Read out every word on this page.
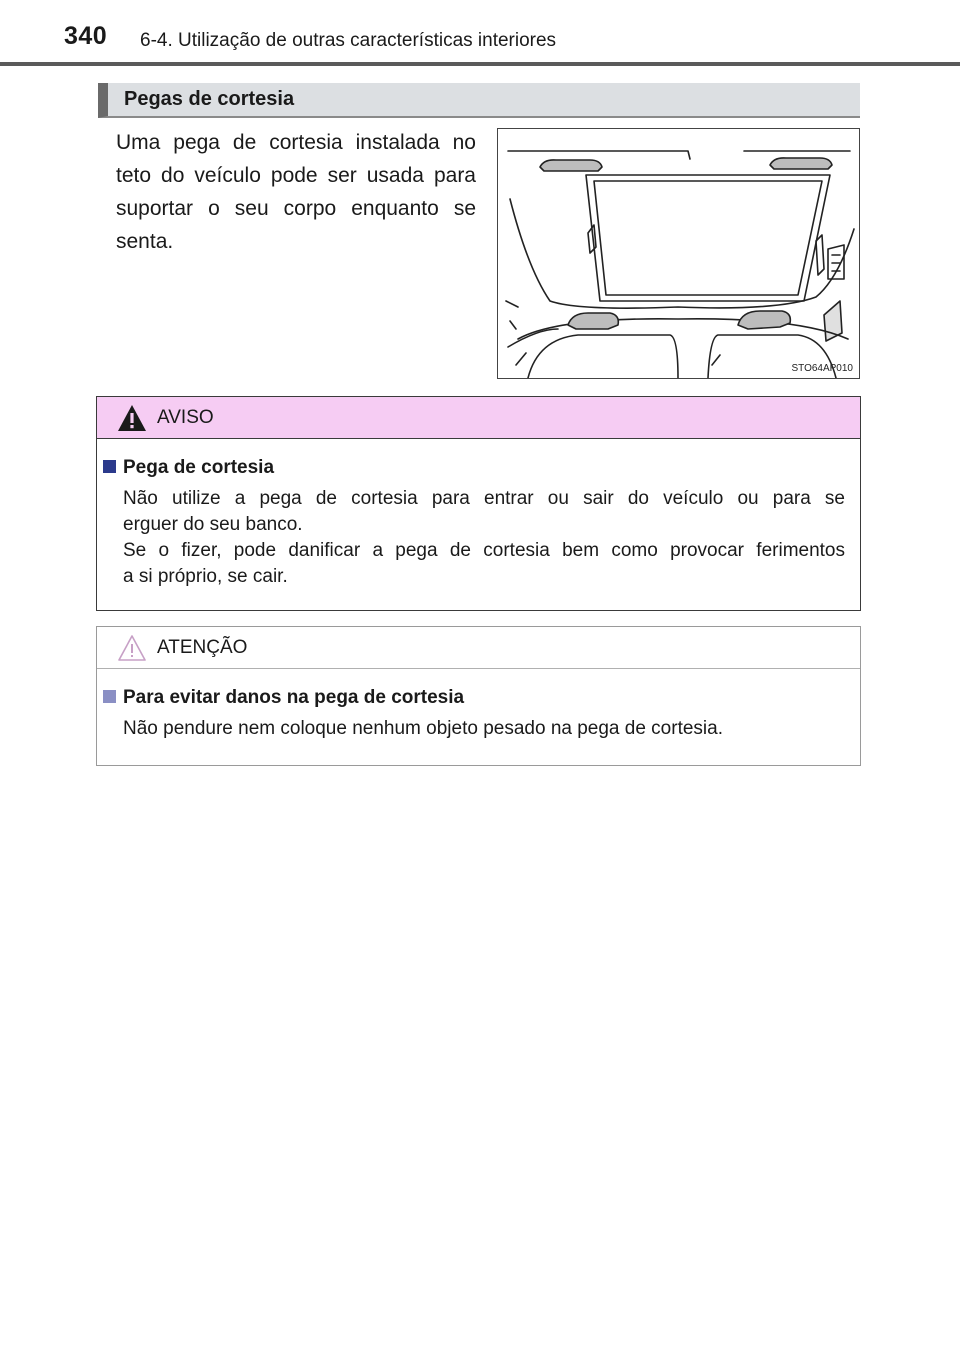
340 6-4. Utilização de outras características interiores
Pegas de cortesia
Uma pega de cortesia instalada no teto do veículo pode ser usada para suportar o seu corpo enquanto se senta.
STO64AP010
AVISO
Pega de cortesia
Não utilize a pega de cortesia para entrar ou sair do veículo ou para se
erguer do seu banco.
Se o fizer, pode danificar a pega de cortesia bem como provocar ferimentos
a si próprio, se cair.
ATENÇÃO
Para evitar danos na pega de cortesia
Não pendure nem coloque nenhum objeto pesado na pega de cortesia.
